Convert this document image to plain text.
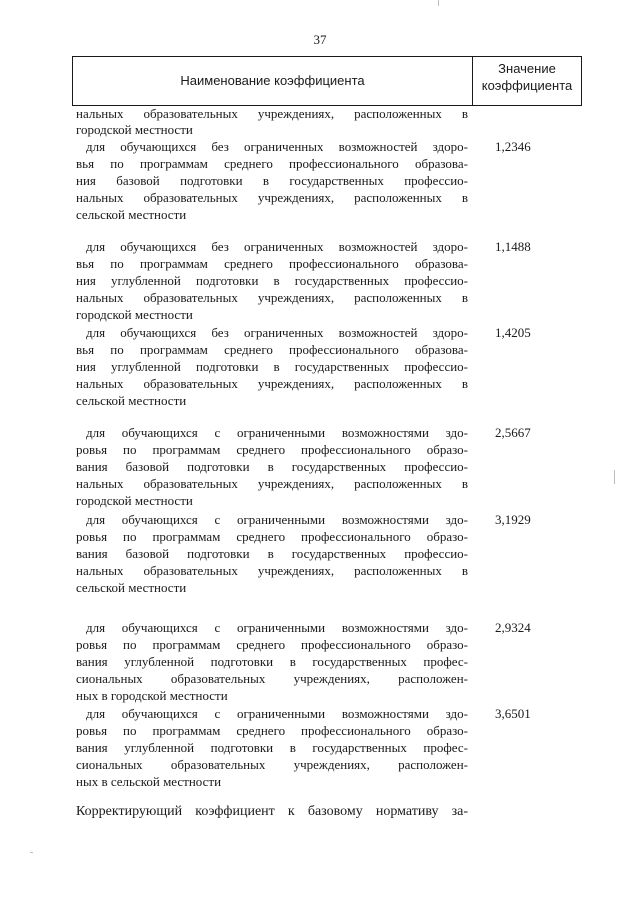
37
Наименование коэффициента
Значение
коэффициента
нальных образовательных учреждениях, расположенных в
городской местности
для обучающихся без ограниченных возможностей здоро-
вья по программам среднего профессионального образова-
ния базовой подготовки в государственных профессио-
нальных образовательных учреждениях, расположенных в
сельской местности
1,2346
для обучающихся без ограниченных возможностей здоро-
вья по программам среднего профессионального образова-
ния углубленной подготовки в государственных профессио-
нальных образовательных учреждениях, расположенных в
городской местности
1,1488
для обучающихся без ограниченных возможностей здоро-
вья по программам среднего профессионального образова-
ния углубленной подготовки в государственных профессио-
нальных образовательных учреждениях, расположенных в
сельской местности
1,4205
для обучающихся с ограниченными возможностями здо-
ровья по программам среднего профессионального образо-
вания базовой подготовки в государственных профессио-
нальных образовательных учреждениях, расположенных в
городской местности
2,5667
для обучающихся с ограниченными возможностями здо-
ровья по программам среднего профессионального образо-
вания базовой подготовки в государственных профессио-
нальных образовательных учреждениях, расположенных в
сельской местности
3,1929
для обучающихся с ограниченными возможностями здо-
ровья по программам среднего профессионального образо-
вания углубленной подготовки в государственных профес-
сиональных образовательных учреждениях, расположен-
ных в городской местности
2,9324
для обучающихся с ограниченными возможностями здо-
ровья по программам среднего профессионального образо-
вания углубленной подготовки в государственных профес-
сиональных образовательных учреждениях, расположен-
ных в сельской местности
3,6501
Корректирующий коэффициент к базовому нормативу за-
